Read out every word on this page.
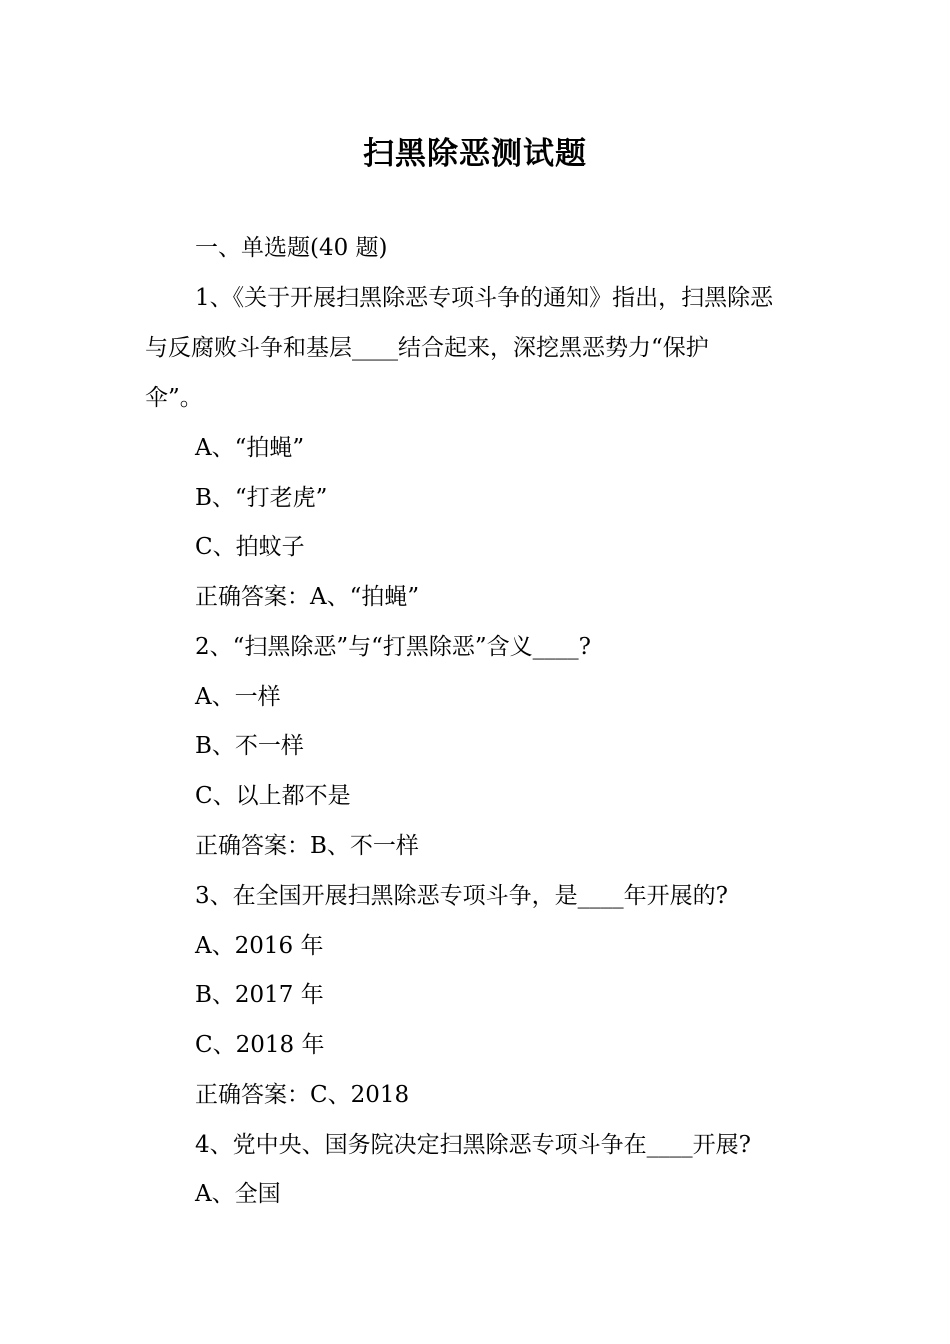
扫黑除恶测试题
一、单选题(40 题)
1、《关于开展扫黑除恶专项斗争的通知》指出，扫黑除恶
与反腐败斗争和基层____结合起来，深挖黑恶势力“保护
伞”。
A、“拍蝇”
B、“打老虎”
C、拍蚊子
正确答案：A、“拍蝇”
2、“扫黑除恶”与“打黑除恶”含义____?
A、一样
B、不一样
C、以上都不是
正确答案：B、不一样
3、在全国开展扫黑除恶专项斗争，是____年开展的?
A、2016 年
B、2017 年
C、2018 年
正确答案：C、2018
4、党中央、国务院决定扫黑除恶专项斗争在____开展?
A、全国
